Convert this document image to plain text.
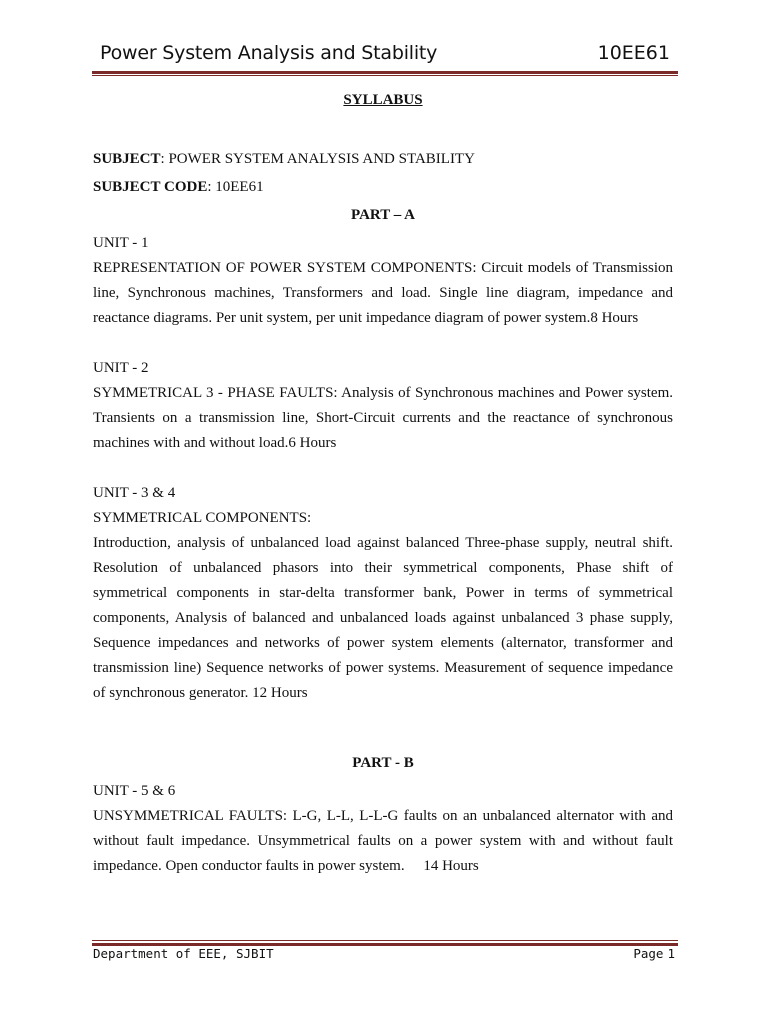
Power System Analysis and Stability	10EE61

SYLLABUS

SUBJECT: POWER SYSTEM ANALYSIS AND STABILITY

SUBJECT CODE: 10EE61

PART – A

UNIT - 1

REPRESENTATION OF POWER SYSTEM COMPONENTS: Circuit models of Transmission line, Synchronous machines, Transformers and load. Single line diagram, impedance and reactance diagrams. Per unit system, per unit impedance diagram of power system.8 Hours

UNIT - 2

SYMMETRICAL 3 - PHASE FAULTS: Analysis of Synchronous machines and Power system. Transients on a transmission line, Short-Circuit currents and the reactance of synchronous machines with and without load.6 Hours

UNIT - 3 & 4

SYMMETRICAL COMPONENTS:

Introduction, analysis of unbalanced load against balanced Three-phase supply, neutral shift. Resolution of unbalanced phasors into their symmetrical components, Phase shift of symmetrical components in star-delta transformer bank, Power in terms of symmetrical components, Analysis of balanced and unbalanced loads against unbalanced 3 phase supply, Sequence impedances and networks of power system elements (alternator, transformer and transmission line) Sequence networks of power systems. Measurement of sequence impedance of synchronous generator. 12 Hours

PART - B

UNIT - 5 & 6

UNSYMMETRICAL FAULTS: L-G, L-L, L-L-G faults on an unbalanced alternator with and without fault impedance. Unsymmetrical faults on a power system with and without fault impedance. Open conductor faults in power system.     14 Hours

Department of EEE, SJBIT	Page 1
